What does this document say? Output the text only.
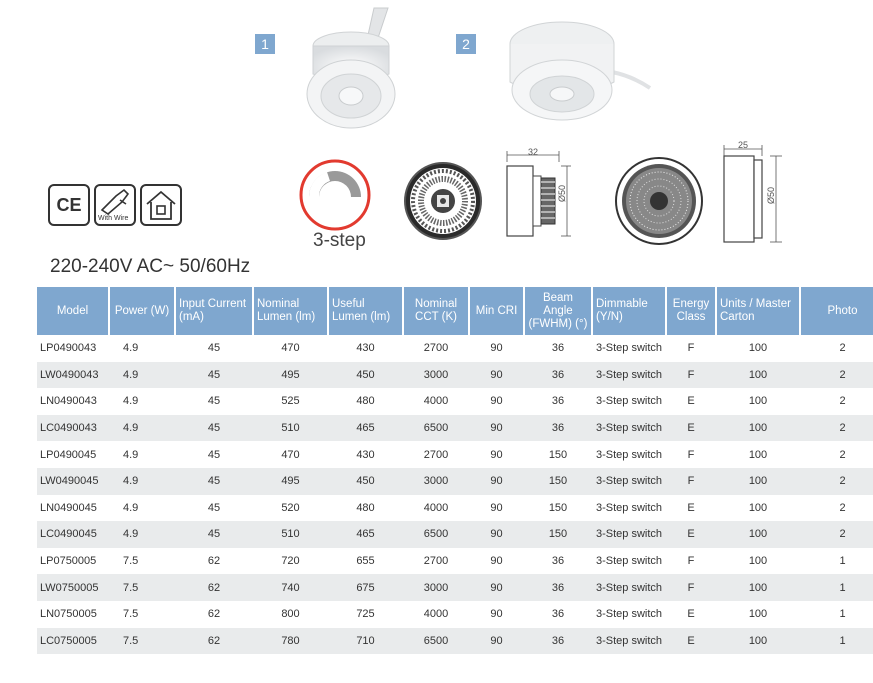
1	2
CE
With Wire
3-step
32
Ø50
25
Ø50
220-240V AC~ 50/60Hz
Model	Power (W)	Input Current (mA)	Nominal Lumen (lm)	Useful Lumen (lm)	Nominal CCT (K)	Min CRI	Beam Angle (FWHM) (°)	Dimmable (Y/N)	Energy Class	Units / Master Carton	Photo
LP0490043	4.9	45	470	430	2700	90	36	3-Step switch	F	100	2
LW0490043	4.9	45	495	450	3000	90	36	3-Step switch	F	100	2
LN0490043	4.9	45	525	480	4000	90	36	3-Step switch	E	100	2
LC0490043	4.9	45	510	465	6500	90	36	3-Step switch	E	100	2
LP0490045	4.9	45	470	430	2700	90	150	3-Step switch	F	100	2
LW0490045	4.9	45	495	450	3000	90	150	3-Step switch	F	100	2
LN0490045	4.9	45	520	480	4000	90	150	3-Step switch	E	100	2
LC0490045	4.9	45	510	465	6500	90	150	3-Step switch	E	100	2
LP0750005	7.5	62	720	655	2700	90	36	3-Step switch	F	100	1
LW0750005	7.5	62	740	675	3000	90	36	3-Step switch	F	100	1
LN0750005	7.5	62	800	725	4000	90	36	3-Step switch	E	100	1
LC0750005	7.5	62	780	710	6500	90	36	3-Step switch	E	100	1
